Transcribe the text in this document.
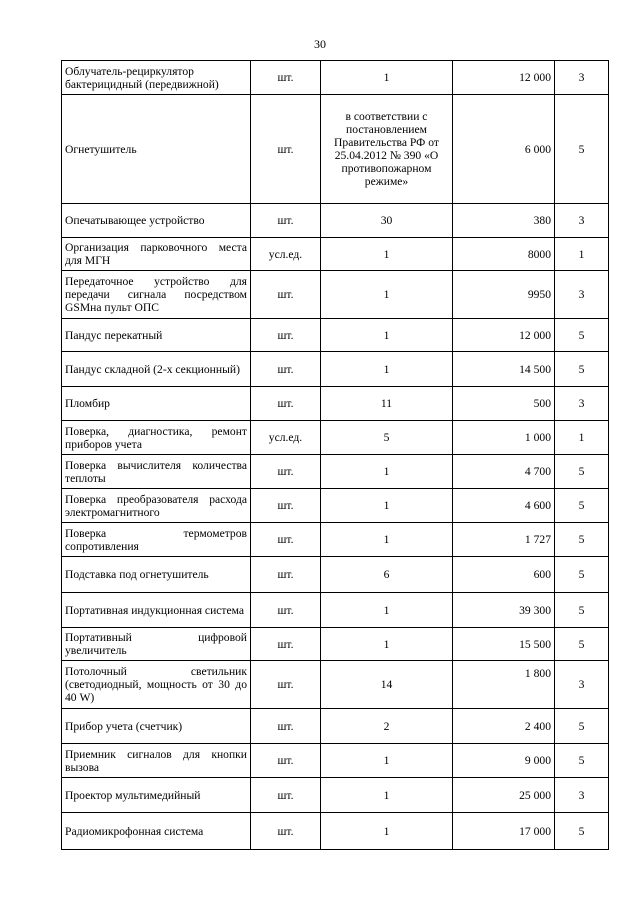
30
Облучатель-рециркулятор бактерицидный (передвижной)	шт.	1	12 000	3
Огнетушитель	шт.	в соответствии с постановлением Правительства РФ от 25.04.2012 № 390 «О противопожарном режиме»	6 000	5
Опечатывающее устройство	шт.	30	380	3
Организация парковочного места для МГН	усл.ед.	1	8000	1
Передаточное устройство для передачи сигнала посредством GSMна пульт ОПС	шт.	1	9950	3
Пандус перекатный	шт.	1	12 000	5
Пандус складной (2-х секционный)	шт.	1	14 500	5
Пломбир	шт.	11	500	3
Поверка, диагностика, ремонт приборов учета	усл.ед.	5	1 000	1
Поверка вычислителя количества теплоты	шт.	1	4 700	5
Поверка преобразователя расхода электромагнитного	шт.	1	4 600	5
Поверка термометров сопротивления	шт.	1	1 727	5
Подставка под огнетушитель	шт.	6	600	5
Портативная индукционная система	шт.	1	39 300	5
Портативный цифровой увеличитель	шт.	1	15 500	5
Потолочный светильник (светодиодный, мощность от 30 до 40 W)	шт.	14	1 800	3
Прибор учета (счетчик)	шт.	2	2 400	5
Приемник сигналов для кнопки вызова	шт.	1	9 000	5
Проектор мультимедийный	шт.	1	25 000	3
Радиомикрофонная система	шт.	1	17 000	5
